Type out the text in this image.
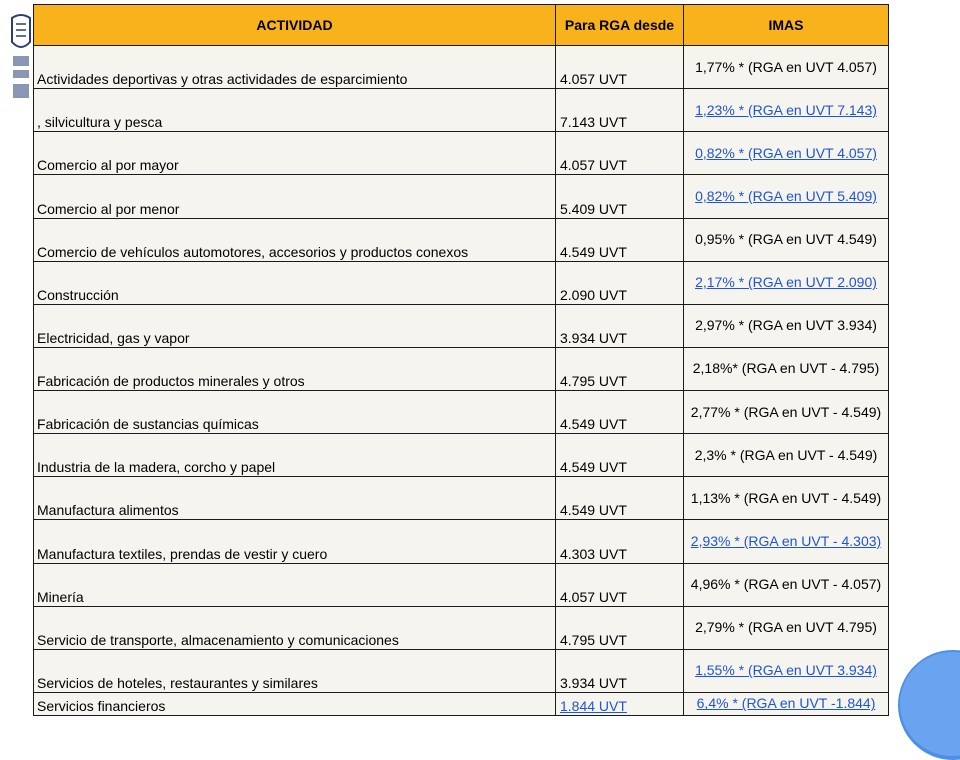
ACTIVIDAD	Para RGA desde	IMAS
Actividades deportivas y otras actividades de esparcimiento	4.057 UVT	1,77% * (RGA en UVT 4.057)
, silvicultura y pesca	7.143 UVT	1,23% * (RGA en UVT 7.143)
Comercio al por mayor	4.057 UVT	0,82% * (RGA en UVT 4.057)
Comercio al por menor	5.409 UVT	0,82% * (RGA en UVT 5.409)
Comercio de vehículos automotores, accesorios y productos conexos	4.549 UVT	0,95% * (RGA en UVT 4.549)
Construcción	2.090 UVT	2,17% * (RGA en UVT 2.090)
Electricidad, gas y vapor	3.934 UVT	2,97% * (RGA en UVT 3.934)
Fabricación de productos minerales y otros	4.795 UVT	2,18%* (RGA en UVT - 4.795)
Fabricación de sustancias químicas	4.549 UVT	2,77% * (RGA en UVT - 4.549)
Industria de la madera, corcho y papel	4.549 UVT	2,3% * (RGA en UVT - 4.549)
Manufactura alimentos	4.549 UVT	1,13% * (RGA en UVT - 4.549)
Manufactura textiles, prendas de vestir y cuero	4.303 UVT	2,93% * (RGA en UVT - 4.303)
Minería	4.057 UVT	4,96% * (RGA en UVT - 4.057)
Servicio de transporte, almacenamiento y comunicaciones	4.795 UVT	2,79% * (RGA en UVT 4.795)
Servicios de hoteles, restaurantes y similares	3.934 UVT	1,55% * (RGA en UVT 3.934)
Servicios financieros	1.844 UVT	6,4% * (RGA en UVT -1.844)
